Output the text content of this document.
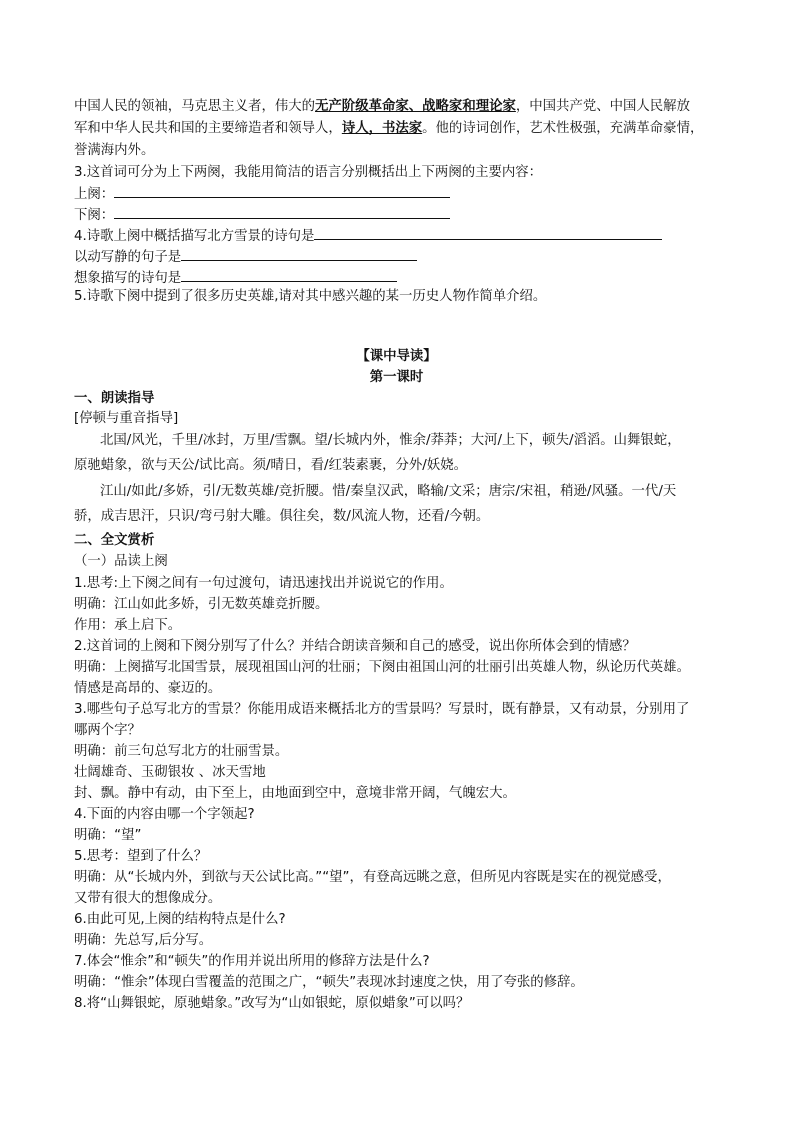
中国人民的领袖，马克思主义者，伟大的无产阶级革命家、战略家和理论家，中国共产党、中国人民解放
军和中华人民共和国的主要缔造者和领导人，诗人，书法家。他的诗词创作，艺术性极强，充满革命豪情，
誉满海内外。
3.这首词可分为上下两阕，我能用简洁的语言分别概括出上下两阕的主要内容：
上阕：
下阕：
4.诗歌上阕中概括描写北方雪景的诗句是
以动写静的句子是
想象描写的诗句是
5.诗歌下阕中提到了很多历史英雄,请对其中感兴趣的某一历史人物作简单介绍。
【课中导读】
第一课时
一、朗读指导
[停顿与重音指导]
北国/风光，千里/冰封，万里/雪飘。望/长城内外，惟余/莽莽；大河/上下，顿失/滔滔。山舞银蛇，
原驰蜡象，欲与天公/试比高。须/晴日，看/红装素裹，分外/妖娆。
江山/如此/多娇，引/无数英雄/竞折腰。惜/秦皇汉武，略输/文采；唐宗/宋祖，稍逊/风骚。一代/天
骄，成吉思汗，只识/弯弓射大雕。俱往矣，数/风流人物，还看/今朝。
二、全文赏析
（一）品读上阕
1.思考:上下阕之间有一句过渡句，请迅速找出并说说它的作用。
明确：江山如此多娇，引无数英雄竞折腰。
作用：承上启下。
2.这首词的上阕和下阕分别写了什么？并结合朗读音频和自己的感受，说出你所体会到的情感？
明确：上阕描写北国雪景，展现祖国山河的壮丽；下阕由祖国山河的壮丽引出英雄人物，纵论历代英雄。
情感是高昂的、豪迈的。
3.哪些句子总写北方的雪景？你能用成语来概括北方的雪景吗？写景时，既有静景，又有动景，分别用了
哪两个字？
明确：前三句总写北方的壮丽雪景。
壮阔雄奇、玉砌银妆 、冰天雪地
封、飘。静中有动，由下至上，由地面到空中，意境非常开阔，气魄宏大。
4.下面的内容由哪一个字领起?
明确：“望”
5.思考：望到了什么？
明确：从“长城内外，到欲与天公试比高。”“望”，有登高远眺之意，但所见内容既是实在的视觉感受，
又带有很大的想像成分。
6.由此可见,上阕的结构特点是什么?
明确：先总写,后分写。
7.体会“惟余”和“顿失”的作用并说出所用的修辞方法是什么?
明确：“惟余”体现白雪覆盖的范围之广，“顿失”表现冰封速度之快，用了夸张的修辞。
8.将“山舞银蛇，原驰蜡象。”改写为“山如银蛇，原似蜡象”可以吗？
